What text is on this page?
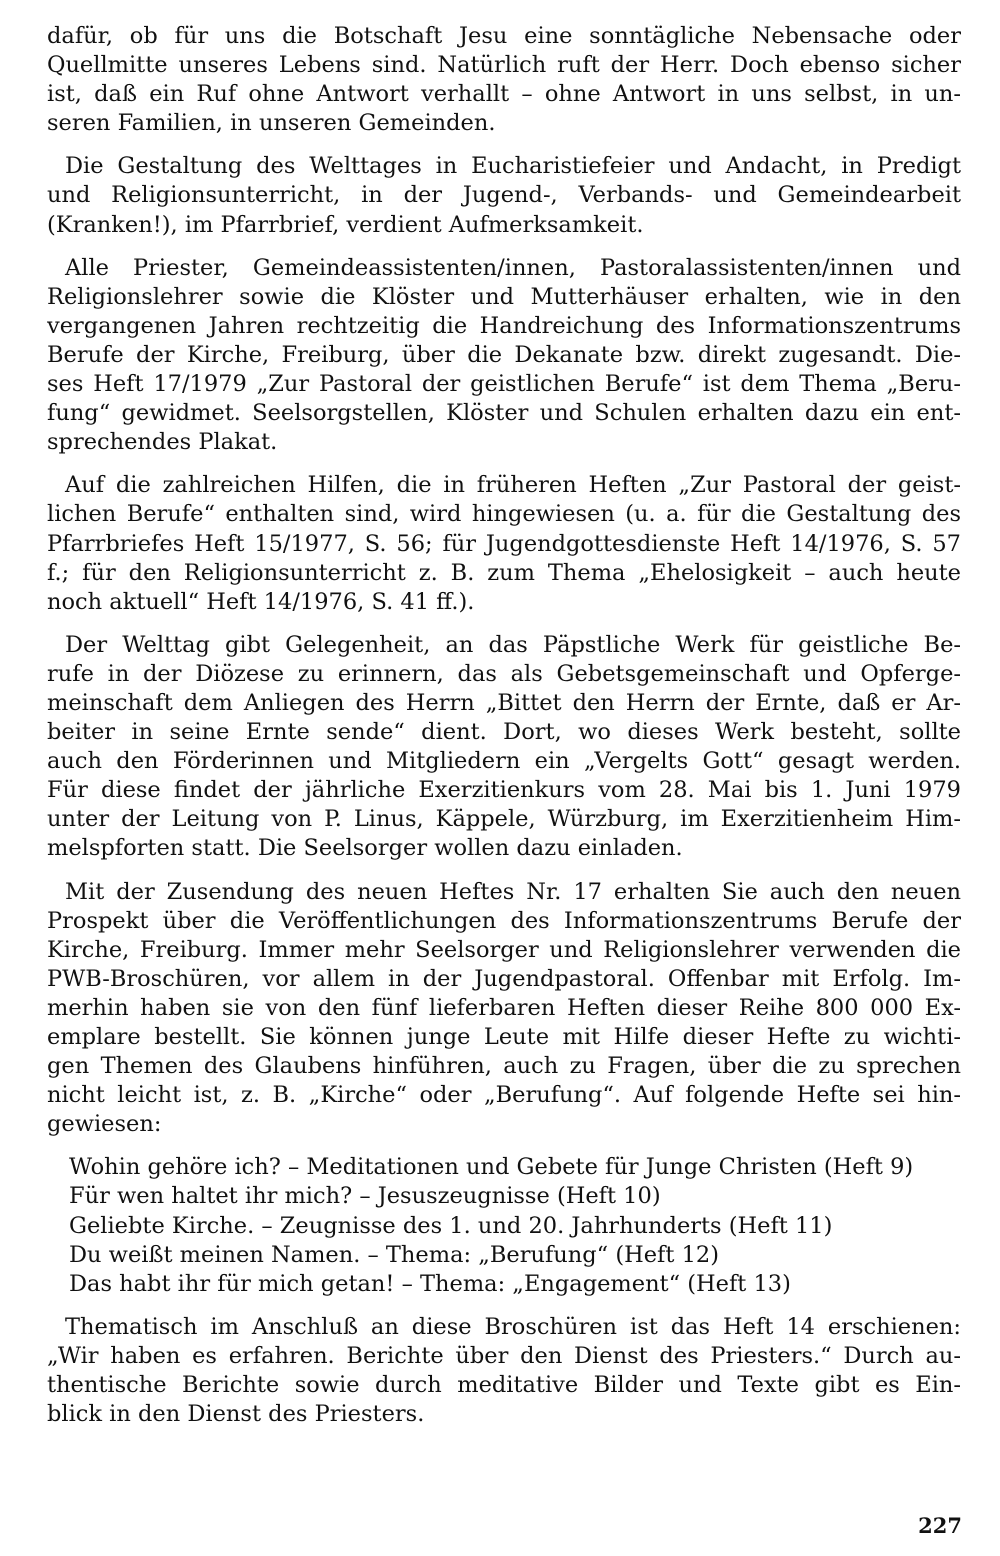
dafür, ob für uns die Botschaft Jesu eine sonntägliche Nebensache oder
Quellmitte unseres Lebens sind. Natürlich ruft der Herr. Doch ebenso sicher
ist, daß ein Ruf ohne Antwort verhallt – ohne Antwort in uns selbst, in un-
seren Familien, in unseren Gemeinden.
Die Gestaltung des Welttages in Eucharistiefeier und Andacht, in Predigt
und Religionsunterricht, in der Jugend-, Verbands- und Gemeindearbeit
(Kranken!), im Pfarrbrief, verdient Aufmerksamkeit.
Alle Priester, Gemeindeassistenten/innen, Pastoralassistenten/innen und
Religionslehrer sowie die Klöster und Mutterhäuser erhalten, wie in den
vergangenen Jahren rechtzeitig die Handreichung des Informationszentrums
Berufe der Kirche, Freiburg, über die Dekanate bzw. direkt zugesandt. Die-
ses Heft 17/1979 „Zur Pastoral der geistlichen Berufe“ ist dem Thema „Beru-
fung“ gewidmet. Seelsorgstellen, Klöster und Schulen erhalten dazu ein ent-
sprechendes Plakat.
Auf die zahlreichen Hilfen, die in früheren Heften „Zur Pastoral der geist-
lichen Berufe“ enthalten sind, wird hingewiesen (u. a. für die Gestaltung des
Pfarrbriefes Heft 15/1977, S. 56; für Jugendgottesdienste Heft 14/1976, S. 57
f.; für den Religionsunterricht z. B. zum Thema „Ehelosigkeit – auch heute
noch aktuell“ Heft 14/1976, S. 41 ff.).
Der Welttag gibt Gelegenheit, an das Päpstliche Werk für geistliche Be-
rufe in der Diözese zu erinnern, das als Gebetsgemeinschaft und Opferge-
meinschaft dem Anliegen des Herrn „Bittet den Herrn der Ernte, daß er Ar-
beiter in seine Ernte sende“ dient. Dort, wo dieses Werk besteht, sollte
auch den Förderinnen und Mitgliedern ein „Vergelts Gott“ gesagt werden.
Für diese findet der jährliche Exerzitienkurs vom 28. Mai bis 1. Juni 1979
unter der Leitung von P. Linus, Käppele, Würzburg, im Exerzitienheim Him-
melspforten statt. Die Seelsorger wollen dazu einladen.
Mit der Zusendung des neuen Heftes Nr. 17 erhalten Sie auch den neuen
Prospekt über die Veröffentlichungen des Informationszentrums Berufe der
Kirche, Freiburg. Immer mehr Seelsorger und Religionslehrer verwenden die
PWB-Broschüren, vor allem in der Jugendpastoral. Offenbar mit Erfolg. Im-
merhin haben sie von den fünf lieferbaren Heften dieser Reihe 800 000 Ex-
emplare bestellt. Sie können junge Leute mit Hilfe dieser Hefte zu wichti-
gen Themen des Glaubens hinführen, auch zu Fragen, über die zu sprechen
nicht leicht ist, z. B. „Kirche“ oder „Berufung“. Auf folgende Hefte sei hin-
gewiesen:
Wohin gehöre ich? – Meditationen und Gebete für Junge Christen (Heft 9)
Für wen haltet ihr mich? – Jesuszeugnisse (Heft 10)
Geliebte Kirche. – Zeugnisse des 1. und 20. Jahrhunderts (Heft 11)
Du weißt meinen Namen. – Thema: „Berufung“ (Heft 12)
Das habt ihr für mich getan! – Thema: „Engagement“ (Heft 13)
Thematisch im Anschluß an diese Broschüren ist das Heft 14 erschienen:
„Wir haben es erfahren. Berichte über den Dienst des Priesters.“ Durch au-
thentische Berichte sowie durch meditative Bilder und Texte gibt es Ein-
blick in den Dienst des Priesters.
227
